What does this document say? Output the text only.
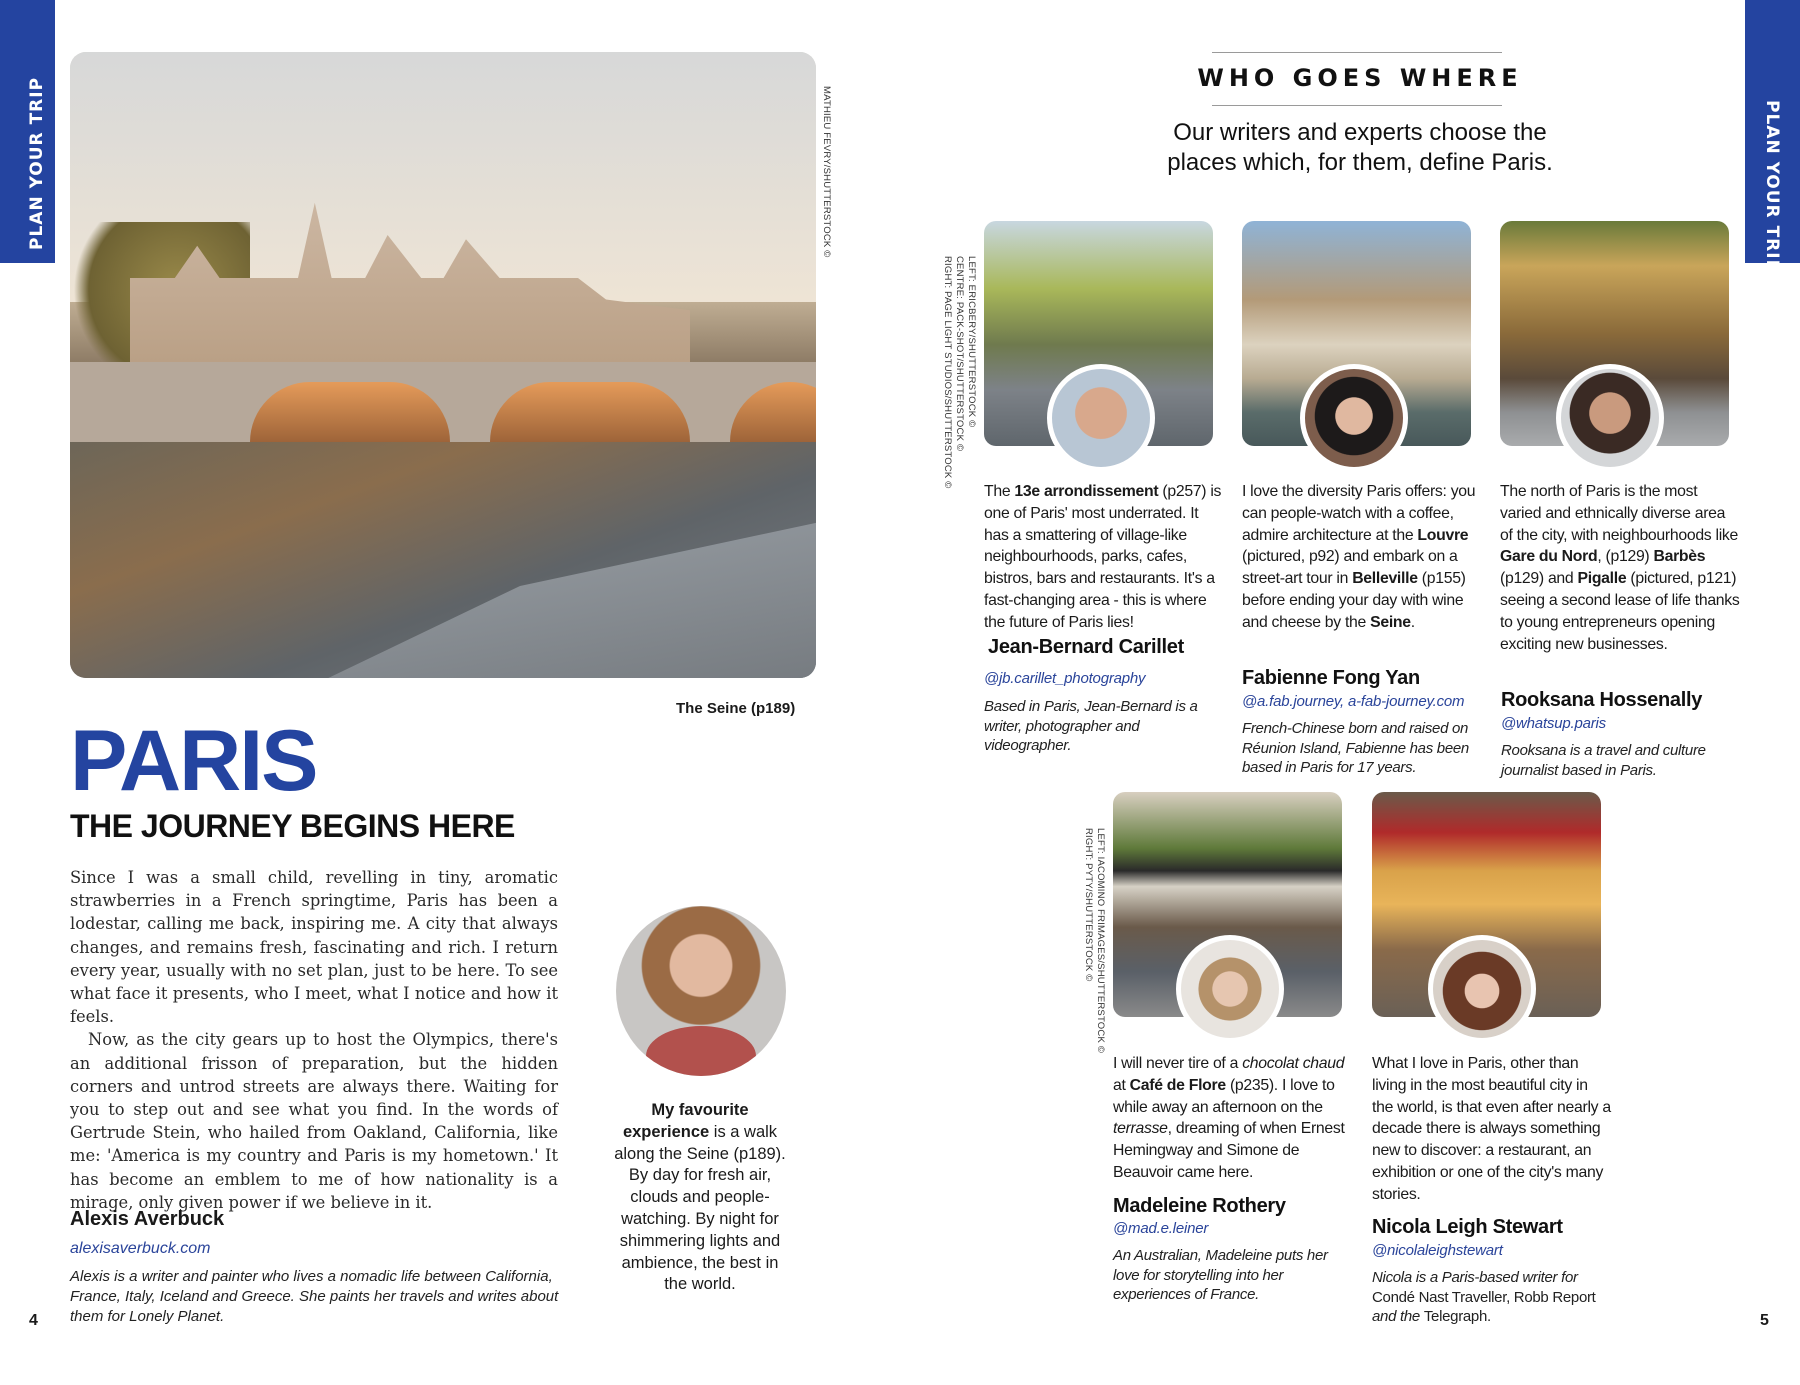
PLAN YOUR TRIP	PLAN YOUR TRIP
MATHIEU FEVRY/SHUTTERSTOCK ©
The Seine (p189)
PARIS
THE JOURNEY BEGINS HERE

Since I was a small child, revelling in tiny, aromatic strawberries in a French springtime, Paris has been a lodestar, calling me back, inspiring me. A city that always changes, and remains fresh, fascinating and rich. I return every year, usually with no set plan, just to be here. To see what face it presents, who I meet, what I notice and how it feels.

Now, as the city gears up to host the Olympics, there's an additional frisson of preparation, but the hidden corners and untrod streets are always there. Waiting for you to step out and see what you find. In the words of Gertrude Stein, who hailed from Oakland, California, like me: 'America is my country and Paris is my hometown.' It has become an emblem to me of how nationality is a mirage, only given power if we believe in it.

Alexis Averbuck
alexisaverbuck.com
Alexis is a writer and painter who lives a nomadic life between California, France, Italy, Iceland and Greece. She paints her travels and writes about them for Lonely Planet.
My favourite experience is a walk along the Seine (p189). By day for fresh air, clouds and people-watching. By night for shimmering lights and ambience, the best in the world.
4
WHO GOES WHERE
Our writers and experts choose the places which, for them, define Paris.
LEFT: ERICBERY/SHUTTERSTOCK ©
CENTRE: PACK-SHOT/SHUTTERSTOCK ©
RIGHT: PAGE LIGHT STUDIOS/SHUTTERSTOCK ©
LEFT: IACOMINO FRIMAGES/SHUTTERSTOCK ©
RIGHT: PYTY/SHUTTERSTOCK ©
The 13e arrondissement (p257) is one of Paris' most underrated. It has a smattering of village-like neighbourhoods, parks, cafes, bistros, bars and restaurants. It's a fast-changing area - this is where the future of Paris lies!
Jean-Bernard Carillet
@jb.carillet_photography
Based in Paris, Jean-Bernard is a writer, photographer and videographer.
I love the diversity Paris offers: you can people-watch with a coffee, admire architecture at the Louvre (pictured, p92) and embark on a street-art tour in Belleville (p155) before ending your day with wine and cheese by the Seine.
Fabienne Fong Yan
@a.fab.journey, a-fab-journey.com
French-Chinese born and raised on Réunion Island, Fabienne has been based in Paris for 17 years.
The north of Paris is the most varied and ethnically diverse area of the city, with neighbourhoods like Gare du Nord, (p129) Barbès (p129) and Pigalle (pictured, p121) seeing a second lease of life thanks to young entrepreneurs opening exciting new businesses.
Rooksana Hossenally
@whatsup.paris
Rooksana is a travel and culture journalist based in Paris.
I will never tire of a chocolat chaud at Café de Flore (p235). I love to while away an afternoon on the terrasse, dreaming of when Ernest Hemingway and Simone de Beauvoir came here.
Madeleine Rothery
@mad.e.leiner
An Australian, Madeleine puts her love for storytelling into her experiences of France.
What I love in Paris, other than living in the most beautiful city in the world, is that even after nearly a decade there is always something new to discover: a restaurant, an exhibition or one of the city's many stories.
Nicola Leigh Stewart
@nicolaleighstewart
Nicola is a Paris-based writer for Condé Nast Traveller, Robb Report and the Telegraph.	5
